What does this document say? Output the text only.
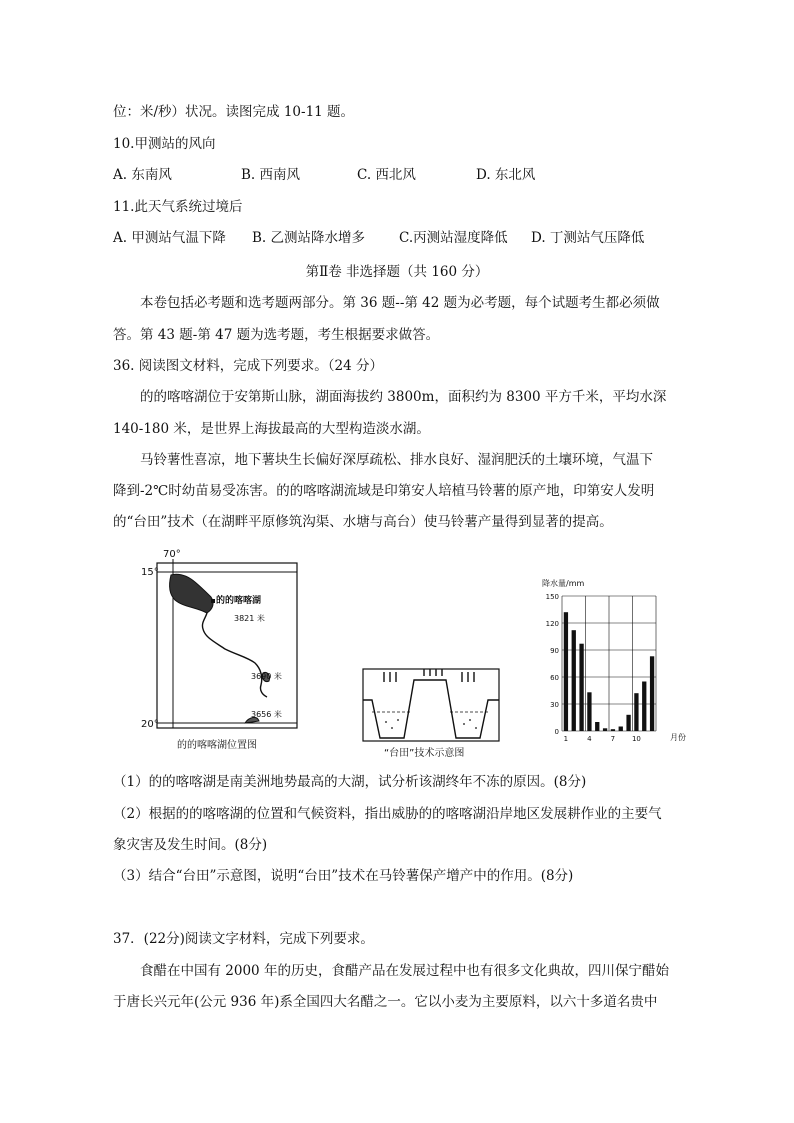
位：米/秒）状况。读图完成 10-11 题。
10.甲测站的风向
A. 东南风	B. 西南风	C. 西北风	D. 东北风
11.此天气系统过境后
A. 甲测站气温下降 B. 乙测站降水增多	C.丙测站湿度降低 D. 丁测站气压降低
第Ⅱ卷 非选择题（共 160 分）
本卷包括必考题和选考题两部分。第 36 题--第 42 题为必考题，每个试题考生都必须做
答。第 43 题-第 47 题为选考题，考生根据要求做答。
36. 阅读图文材料，完成下列要求。（24 分）
的的喀喀湖位于安第斯山脉，湖面海拔约 3800m，面积约为 8300 平方千米，平均水深
140-180 米，是世界上海拔最高的大型构造淡水湖。
马铃薯性喜凉，地下薯块生长偏好深厚疏松、排水良好、湿润肥沃的土壤环境，气温下
降到-2℃时幼苗易受冻害。的的喀喀湖流域是印第安人培植马铃薯的原产地，印第安人发明
的“台田”技术（在湖畔平原修筑沟渠、水塘与高台）使马铃薯产量得到显著的提高。
70°
15°
20°
的的喀喀湖
3821 米
3690 米
3656 米
的的喀喀湖位置图
“台田”技术示意图
降水量/mm
月份
0
30
60
90
120
150
1	4	7 10
（1）的的喀喀湖是南美洲地势最高的大湖，试分析该湖终年不冻的原因。(8分)
（2）根据的的喀喀湖的位置和气候资料，指出威胁的的喀喀湖沿岸地区发展耕作业的主要气
象灾害及发生时间。(8分)
（3）结合“台田”示意图，说明“台田”技术在马铃薯保产增产中的作用。(8分)
37．(22分)阅读文字材料，完成下列要求。
食醋在中国有 2000 年的历史，食醋产品在发展过程中也有很多文化典故，四川保宁醋始
于唐长兴元年(公元 936 年)系全国四大名醋之一。它以小麦为主要原料，以六十多道名贵中
